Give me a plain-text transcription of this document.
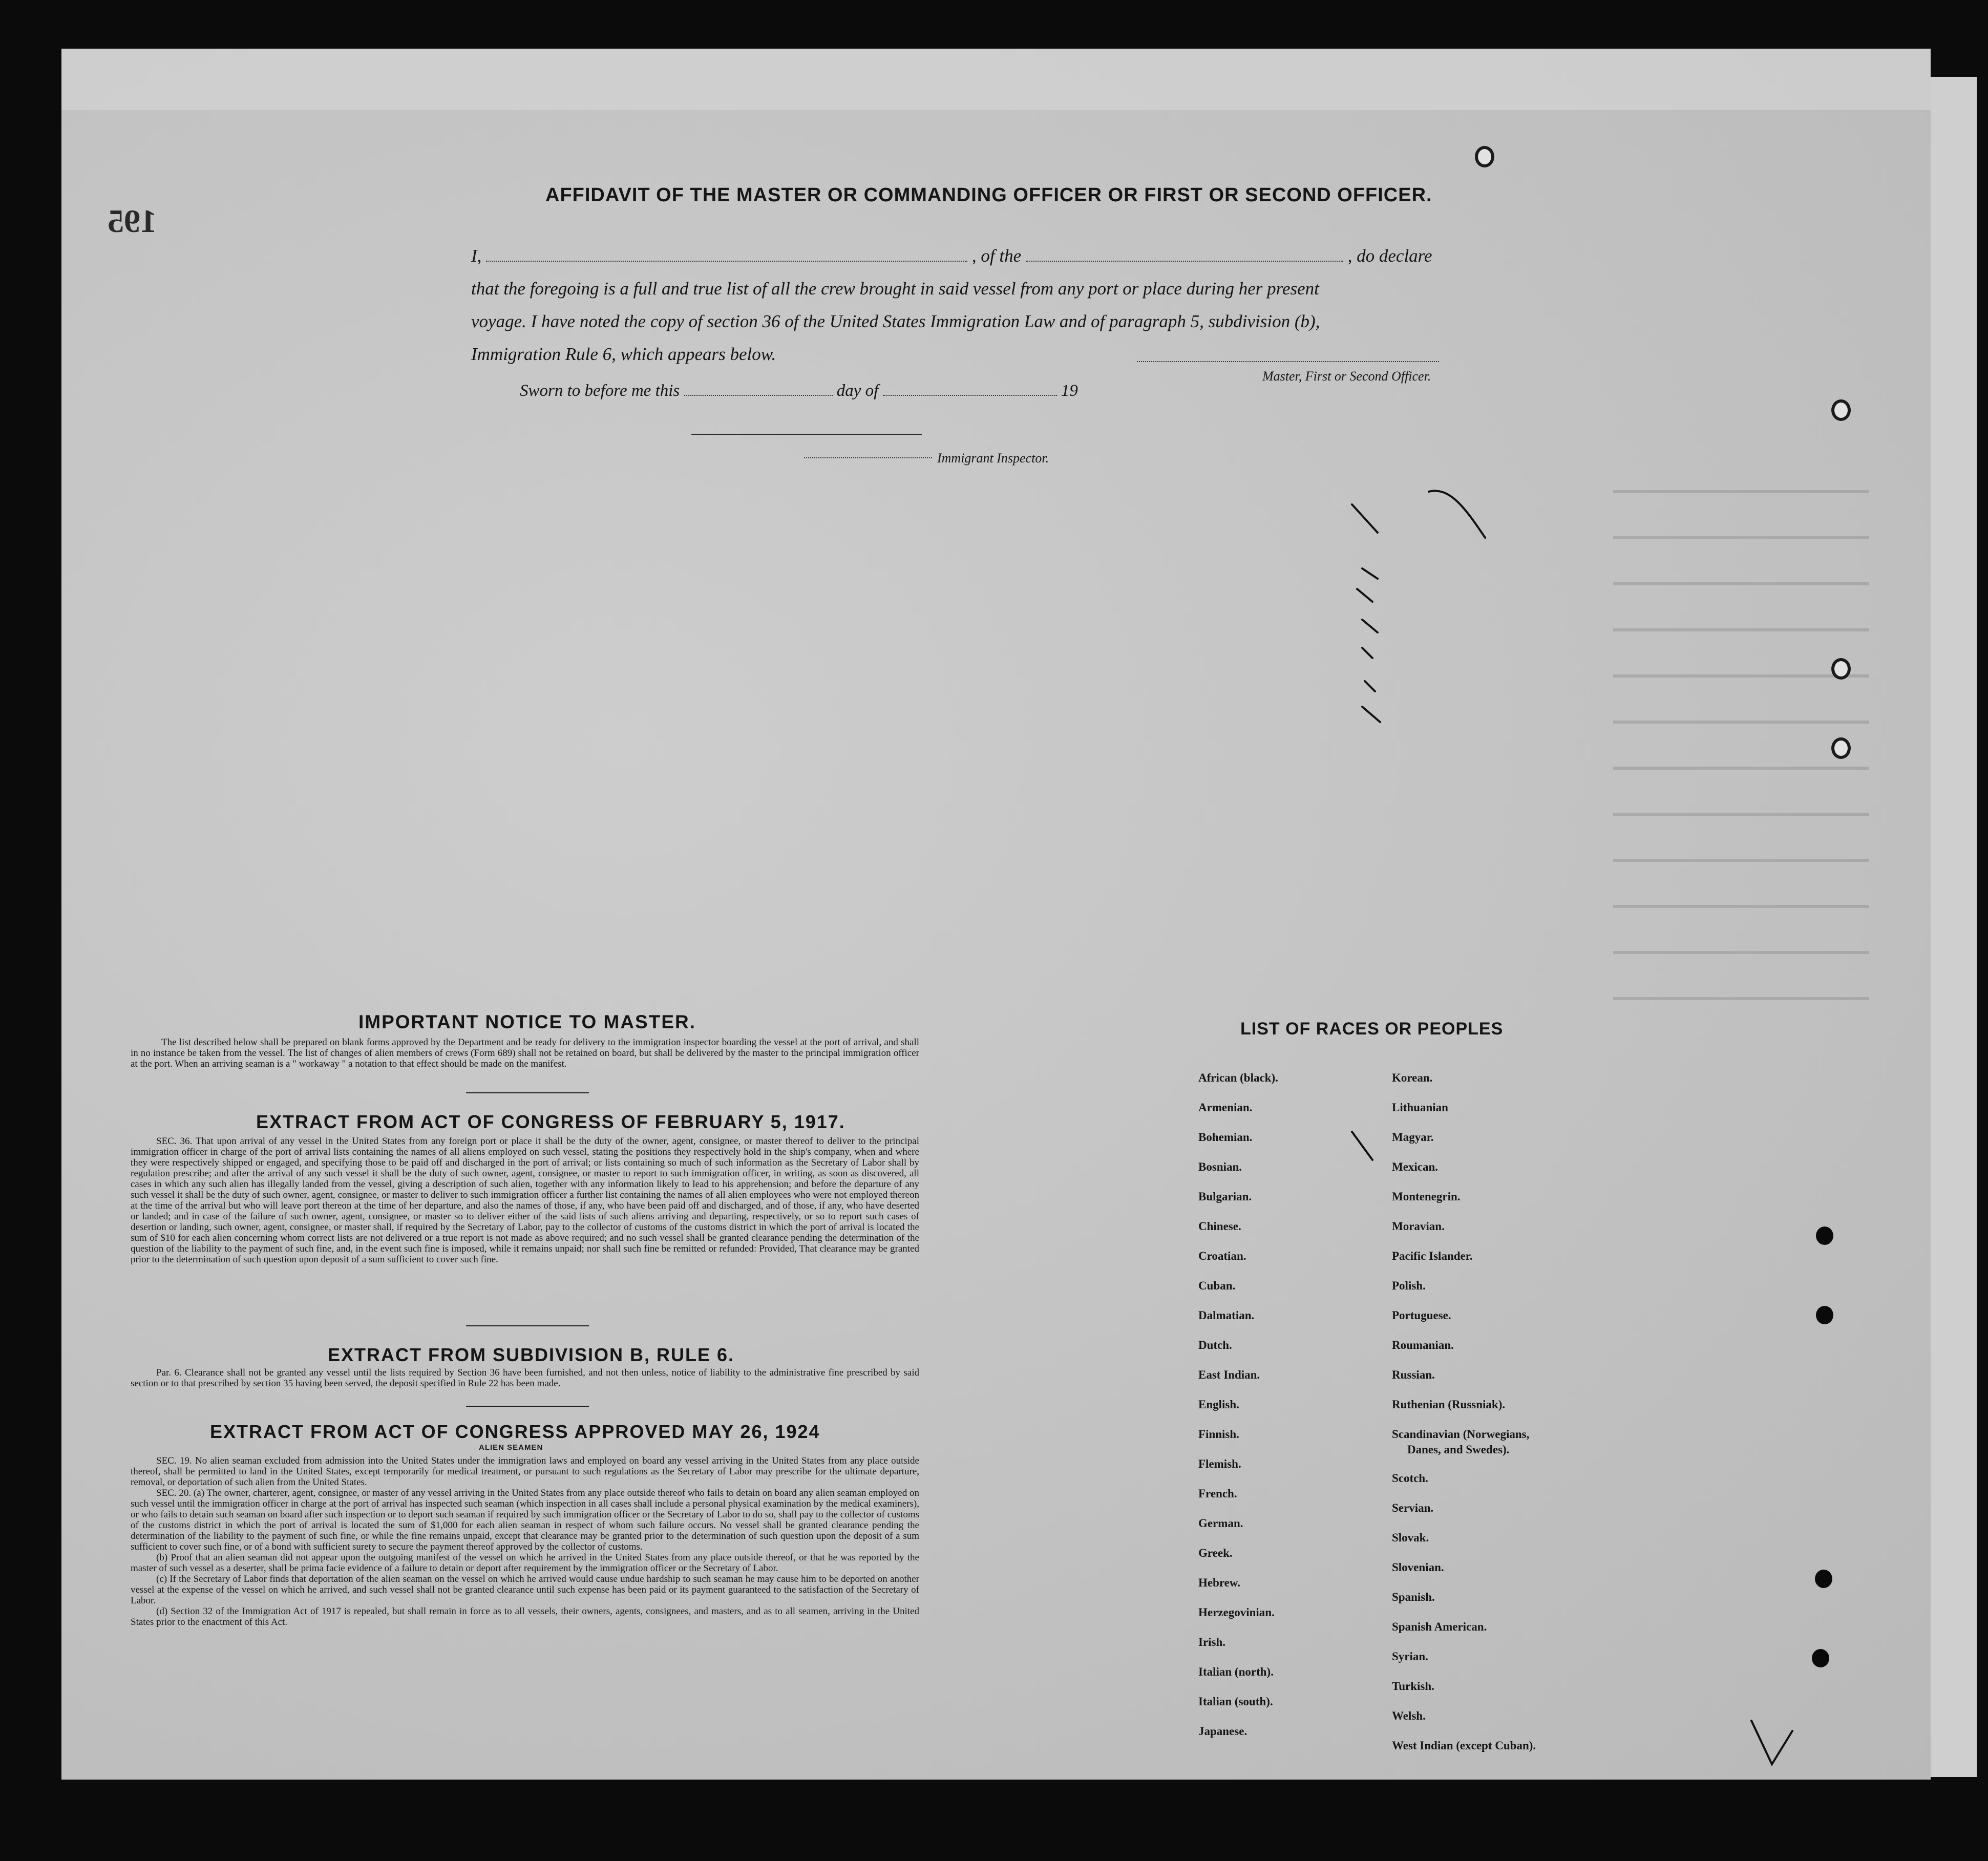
195
AFFIDAVIT OF THE MASTER OR COMMANDING OFFICER OR FIRST OR SECOND OFFICER.
I,	, of the	, do declare
that the foregoing is a full and true list of all the crew brought in said vessel from any port or place during her present
voyage. I have noted the copy of section 36 of the United States Immigration Law and of paragraph 5, subdivision (b),
Immigration Rule 6, which appears below.
Master, First or Second Officer.
Sworn to before me this	day of	19
Immigrant Inspector.
IMPORTANT NOTICE TO MASTER.
The list described below shall be prepared on blank forms approved by the Department and be ready for delivery to the immigration inspector boarding the vessel at the port of arrival, and shall in no instance be taken from the vessel. The list of changes of alien members of crews (Form 689) shall not be retained on board, but shall be delivered by the master to the principal immigration officer at the port. When an arriving seaman is a " workaway " a notation to that effect should be made on the manifest.
EXTRACT FROM ACT OF CONGRESS OF FEBRUARY 5, 1917.
SEC. 36. That upon arrival of any vessel in the United States from any foreign port or place it shall be the duty of the owner, agent, consignee, or master thereof to deliver to the principal immigration officer in charge of the port of arrival lists containing the names of all aliens employed on such vessel, stating the positions they respectively hold in the ship's company, when and where they were respectively shipped or engaged, and specifying those to be paid off and discharged in the port of arrival; or lists containing so much of such information as the Secretary of Labor shall by regulation prescribe; and after the arrival of any such vessel it shall be the duty of such owner, agent, consignee, or master to report to such immigration officer, in writing, as soon as discovered, all cases in which any such alien has illegally landed from the vessel, giving a description of such alien, together with any information likely to lead to his apprehension; and before the departure of any such vessel it shall be the duty of such owner, agent, consignee, or master to deliver to such immigration officer a further list containing the names of all alien employees who were not employed thereon at the time of the arrival but who will leave port thereon at the time of her departure, and also the names of those, if any, who have been paid off and discharged, and of those, if any, who have deserted or landed; and in case of the failure of such owner, agent, consignee, or master so to deliver either of the said lists of such aliens arriving and departing, respectively, or so to report such cases of desertion or landing, such owner, agent, consignee, or master shall, if required by the Secretary of Labor, pay to the collector of customs of the customs district in which the port of arrival is located the sum of $10 for each alien concerning whom correct lists are not delivered or a true report is not made as above required; and no such vessel shall be granted clearance pending the determination of the question of the liability to the payment of such fine, and, in the event such fine is imposed, while it remains unpaid; nor shall such fine be remitted or refunded: Provided, That clearance may be granted prior to the determination of such question upon deposit of a sum sufficient to cover such fine.
EXTRACT FROM SUBDIVISION B, RULE 6.
Par. 6. Clearance shall not be granted any vessel until the lists required by Section 36 have been furnished, and not then unless, notice of liability to the administrative fine prescribed by said section or to that prescribed by section 35 having been served, the deposit specified in Rule 22 has been made.
EXTRACT FROM ACT OF CONGRESS APPROVED MAY 26, 1924
ALIEN SEAMEN
SEC. 19. No alien seaman excluded from admission into the United States under the immigration laws and employed on board any vessel arriving in the United States from any place outside thereof, shall be permitted to land in the United States, except temporarily for medical treatment, or pursuant to such regulations as the Secretary of Labor may prescribe for the ultimate departure, removal, or deportation of such alien from the United States.
SEC. 20. (a) The owner, charterer, agent, consignee, or master of any vessel arriving in the United States from any place outside thereof who fails to detain on board any alien seaman employed on such vessel until the immigration officer in charge at the port of arrival has inspected such seaman (which inspection in all cases shall include a personal physical examination by the medical examiners), or who fails to detain such seaman on board after such inspection or to deport such seaman if required by such immigration officer or the Secretary of Labor to do so, shall pay to the collector of customs of the customs district in which the port of arrival is located the sum of $1,000 for each alien seaman in respect of whom such failure occurs. No vessel shall be granted clearance pending the determination of the liability to the payment of such fine, or while the fine remains unpaid, except that clearance may be granted prior to the determination of such question upon the deposit of a sum sufficient to cover such fine, or of a bond with sufficient surety to secure the payment thereof approved by the collector of customs.
(b) Proof that an alien seaman did not appear upon the outgoing manifest of the vessel on which he arrived in the United States from any place outside thereof, or that he was reported by the master of such vessel as a deserter, shall be prima facie evidence of a failure to detain or deport after requirement by the immigration officer or the Secretary of Labor.
(c) If the Secretary of Labor finds that deportation of the alien seaman on the vessel on which he arrived would cause undue hardship to such seaman he may cause him to be deported on another vessel at the expense of the vessel on which he arrived, and such vessel shall not be granted clearance until such expense has been paid or its payment guaranteed to the satisfaction of the Secretary of Labor.
(d) Section 32 of the Immigration Act of 1917 is repealed, but shall remain in force as to all vessels, their owners, agents, consignees, and masters, and as to all seamen, arriving in the United States prior to the enactment of this Act.
LIST OF RACES OR PEOPLES
African (black).
Armenian.
Bohemian.
Bosnian.
Bulgarian.
Chinese.
Croatian.
Cuban.
Dalmatian.
Dutch.
East Indian.
English.
Finnish.
Flemish.
French.
German.
Greek.
Hebrew.
Herzegovinian.
Irish.
Italian (north).
Italian (south).
Japanese.
Korean.
Lithuanian
Magyar.
Mexican.
Montenegrin.
Moravian.
Pacific Islander.
Polish.
Portuguese.
Roumanian.
Russian.
Ruthenian (Russniak).
Scandinavian (Norwegians,
Danes, and Swedes).
Scotch.
Servian.
Slovak.
Slovenian.
Spanish.
Spanish American.
Syrian.
Turkish.
Welsh.
West Indian (except Cuban).
